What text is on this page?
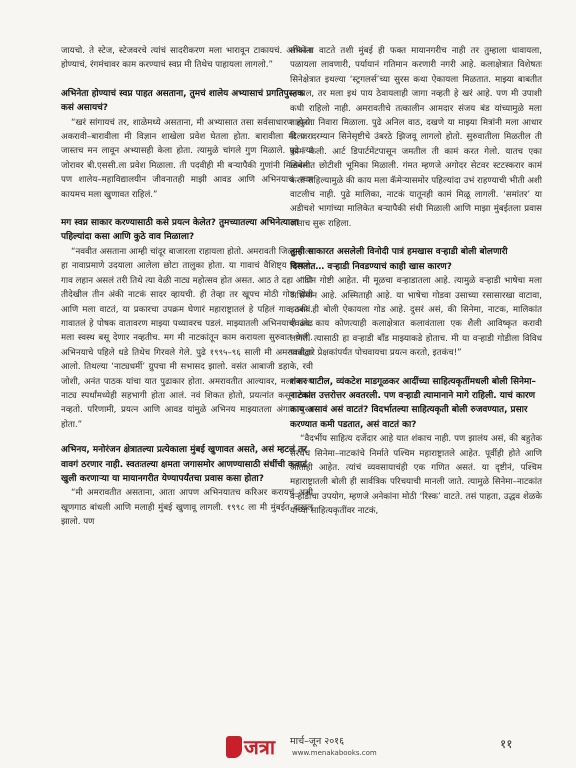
जायचो. ते स्टेज, स्टेजवरचे त्यांचं सादरीकरण मला भारावून टाकायचं. अभिनेता होण्याचं, रंगमंचावर काम करण्याचं स्वप्न मी तिथेच पाहायला लागलो.”

अभिनेता होण्याचं स्वप्न पाहत असताना, तुमचं शालेय अभ्यासाचं प्रगतिपुस्तक कसं असायचं?

“खरं सांगायचं तर, शाळेमध्ये असताना, मी अभ्यासात तसा सर्वसाधारण होतो. अकरावी–बारावीला मी विज्ञान शाखेला प्रवेश घेतला होता. बारावीला मी जरा जास्तच मन लावून अभ्यासही केला होता. त्यामुळे चांगले गुण मिळाले. पुढे त्या जोरावर बी.एससी.ला प्रवेश मिळाला. ती पदवीही मी बऱ्यापैकी गुणांनी मिळवली. पण शालेय–महाविद्यालयीन जीवनातही माझी आवड आणि अभिनयाचं स्वप्न कायमच मला खुणावत राहिलं.”

मग स्वप्न साकार करण्यासाठी कसे प्रयत्न केलेत? तुमच्यातल्या अभिनेत्याला पहिल्यांदा कसा आणि कुठे वाव मिळाला?

“नववीत असताना आम्ही चांदूर बाजारला राहायला होतो. अमरावती जिल्ह्यातला हा नावाप्रमाणे उदयाला आलेला छोटा तालुका होता. या गावाचं वैशिष्ट्य म्हणजे, गाव लहान असलं तरी तिथे त्या वेळी नाट्य महोत्सव होत असत. आठ ते दहा आणि तीदेखील तीन अंकी नाटकं सादर व्हायची. ही तेव्हा तर खूपच मोठी गोष्ट होती आणि मला वाटतं, या प्रकारचा उपक्रम घेणारं महाराष्ट्रातलं हे पहिलं गाव ठरावं. गावातलं हे पोषक वातावरण माझ्या पथ्यावरच पडलं. माझ्यातली अभिनयाची ओढ मला स्वस्थ बसू देणार नव्हतीच. मग मी नाटकांतून काम करायला सुरुवात केली. अभिनयाचे पहिले धडे तिथेच गिरवले गेले. पुढे १९९५–९६ साली मी अमरावतीला आलो. तिथल्या ‘नाट्यधर्मी’ ग्रुपचा मी सभासद झालो. वसंत आबाजी डहाके, रवी जोशी, अनंत पाठक यांचा यात पुढाकार होता. अमरावतीत आल्यावर, मला राज्य नाट्य स्पर्धांमध्येही सहभागी होता आलं. नवं शिकत होतो, प्रयत्नांत कसूर ठेवत नव्हतो. परिणामी, प्रयत्न आणि आवड यांमुळे अभिनय माझ्यातला अंगात मुरत होता.”

अभिनय, मनोरंजन क्षेत्रातल्या प्रत्येकाला मुंबई खुणावत असते, असं म्हटलं तर वावगं ठरणार नाही. स्वतःतल्या क्षमता जगासमोर आणण्यासाठी संधींची कवाडं खुली करणाऱ्या या मायानगरीत येण्यापर्यंतचा प्रवास कसा होता?

“मी अमरावतीत असताना, आता आपण अभिनयातच करिअर करायचं असी खूणगाठ बांधली आणि मलाही मुंबई खुणावू लागली. १९९८ ला मी मुंबईत दाखल झालो. पण

लोकांना वाटते तशी मुंबई ही फक्त मायानगरीच नाही तर तुम्हाला धावायला, पळायला लावणारी, पर्यायानं गतिमान करणारी नगरी आहे. कलाक्षेत्रात विशेषतः सिनेक्षेत्रात इथल्या ‘स्ट्रगलर्स’च्या सुरस कथा ऐकायला मिळतात. माझ्या बाबतीत म्हणाल, तर मला इथं पाय ठेवायलाही जागा नव्हती हे खरं आहे. पण मी उपाशी कधी राहिलो नाही. अमरावतीचे तत्कालीन आमदार संजय बंड यांच्यामुळे मला तात्पुरता निवारा मिळाला. पुढे अनिल वाठ, दखणे या माझ्या मित्रांनी मला आधार दिला. दरम्यान सिनेसृष्टीचे उंबरठे झिजवू लागलो होतो. सुरुवातीला मिळतील ती कामं केली. आर्ट डिपार्टमेंटपासून जमतील ती कामं करत गेलो. यातच एका सिनेमात छोटीशी भूमिका मिळाली. गंमत म्हणजे अगोदर सेटवर स्टटस्करार कामं करत राहिल्यामुळे की काय मला कॅमेऱ्यासमोर पहिल्यांदा उभं राहण्याची भीती अशी वाटलीच नाही. पुढे मालिका, नाटकं यातूनही कामं मिळू लागली. ‘समांतर’ या अडीचशे भागांच्या मालिकेत बऱ्यापैकी संधी मिळाली आणि माझा मुंबईतला प्रवास असाच सुरू राहिला.

तुम्ही साकारत असलेली विनोदी पात्रं हमखास वऱ्हाडी बोली बोलणारी दिसतात… वऱ्हाडी निवडण्याचं काही खास कारण?

“दोन गोष्टी आहेत. मी मूळचा वऱ्हाडातला आहे. त्यामुळे वऱ्हाडी भाषेचा मला अभिमान आहे. अस्मिताही आहे. या भाषेचा गोडवा उसाच्या रसासारखा वाटावा, इतकी ही बोली ऐकायला गोड आहे. दुसरं असं, की सिनेमा, नाटक, मालिकांत एवढंच काय कोणत्याही कलाक्षेत्रात कलावंताला एक शैली आविष्कृत करावी लागते. त्यासाठी हा वऱ्हाडी बाँड माझ्याकडे होताच. मी या वऱ्हाडी गोडीला विविध पात्रांद्वारे प्रेक्षकांपर्यंत पोचवायचा प्रयत्न करतो, इतकंच!”

शंकर पाटील, व्यंकटेश माडगूळकर आदींच्या साहित्यकृतींमधली बोली सिनेमा–नाटकांत उत्तरोत्तर अवतरली. पण वऱ्हाडी त्यामानाने मागे राहिली. याचं कारण काय असावं असं वाटतं? विदर्भातल्या साहित्यकृती बोली रुजवण्यात, प्रसार करण्यात कमी पडतात, असं वाटतं का?

“वैदर्भीय साहित्य दर्जेदार आहे यात शंकाच नाही. पण झालंय असं, की बहुतेक सरधेच सिनेमा–नाटकांचे निर्माते पश्चिम महाराष्ट्रातले आहेत. पूर्वीही होते आणि आताही आहेत. त्यांचं व्यवसायाचंही एक गणित असतं. या दृष्टीनं, पश्चिम महाराष्ट्रातली बोली ही सार्वत्रिक परिचयाची मानली जाते. त्यामुळे सिनेमा–नाटकांत वऱ्हाडीचा उपयोग, म्हणजे अनेकांना मोठी ‘रिस्क’ वाटते. तसं पाहता, उद्धव शेळके यांच्या साहित्यकृतींवर नाटकं,

जत्रा मार्च–जून २०१६
www.menakabooks.com
११
